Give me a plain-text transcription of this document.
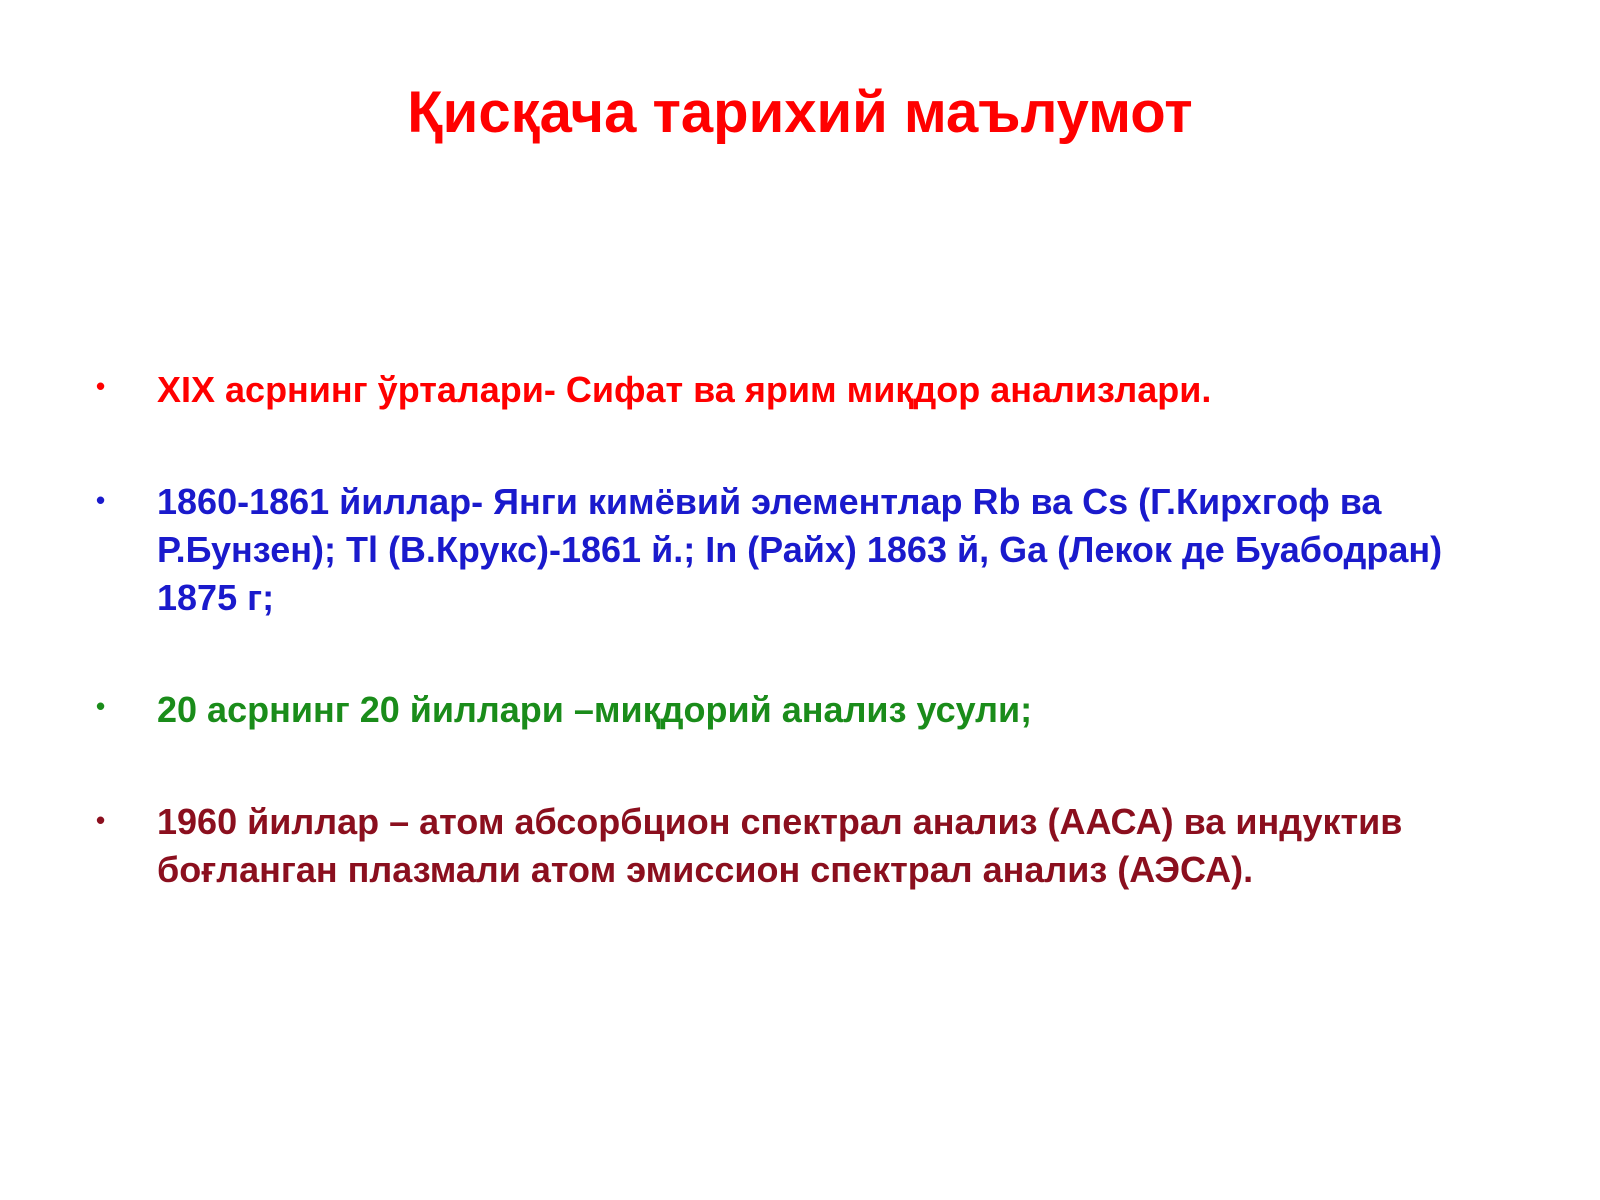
Қисқача тарихий маълумот
• XIX асрнинг ўрталари- Сифат ва ярим миқдор анализлари.

• 1860-1861 йиллар- Янги кимёвий элементлар Rb ва Cs (Г.Кирхгоф ва Р.Бунзен); Tl (В.Крукс)-1861 й.; In (Райх) 1863 й, Ga (Лекок де Буабодран) 1875 г;

• 20 асрнинг 20 йиллари –миқдорий анализ усули;

• 1960 йиллар – атом абсорбцион спектрал анализ (ААСА) ва индуктив боғланган плазмали атом эмиссион спектрал анализ (АЭСА).
